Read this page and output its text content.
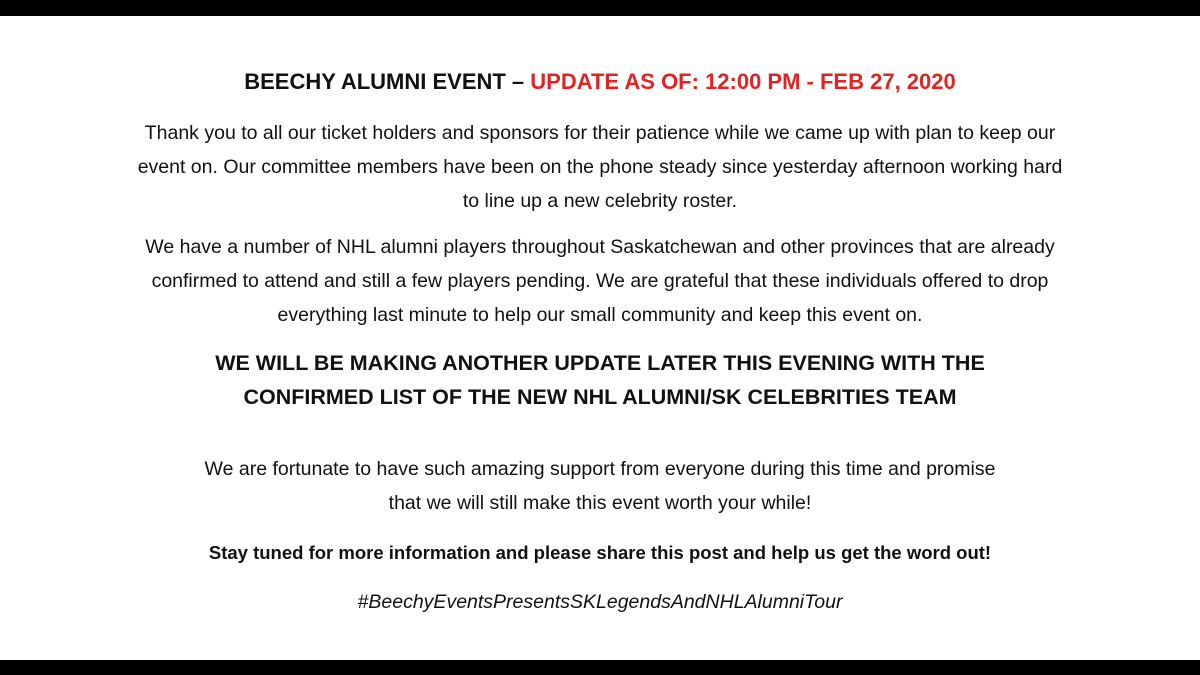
BEECHY ALUMNI EVENT – UPDATE AS OF: 12:00 PM - FEB 27, 2020

Thank you to all our ticket holders and sponsors for their patience while we came up with plan to keep our
event on. Our committee members have been on the phone steady since yesterday afternoon working hard
to line up a new celebrity roster.

We have a number of NHL alumni players throughout Saskatchewan and other provinces that are already
confirmed to attend and still a few players pending. We are grateful that these individuals offered to drop
everything last minute to help our small community and keep this event on.

WE WILL BE MAKING ANOTHER UPDATE LATER THIS EVENING WITH THE
CONFIRMED LIST OF THE NEW NHL ALUMNI/SK CELEBRITIES TEAM

We are fortunate to have such amazing support from everyone during this time and promise
that we will still make this event worth your while!

Stay tuned for more information and please share this post and help us get the word out!

#BeechyEventsPresentsSKLegendsAndNHLAlumniTour
